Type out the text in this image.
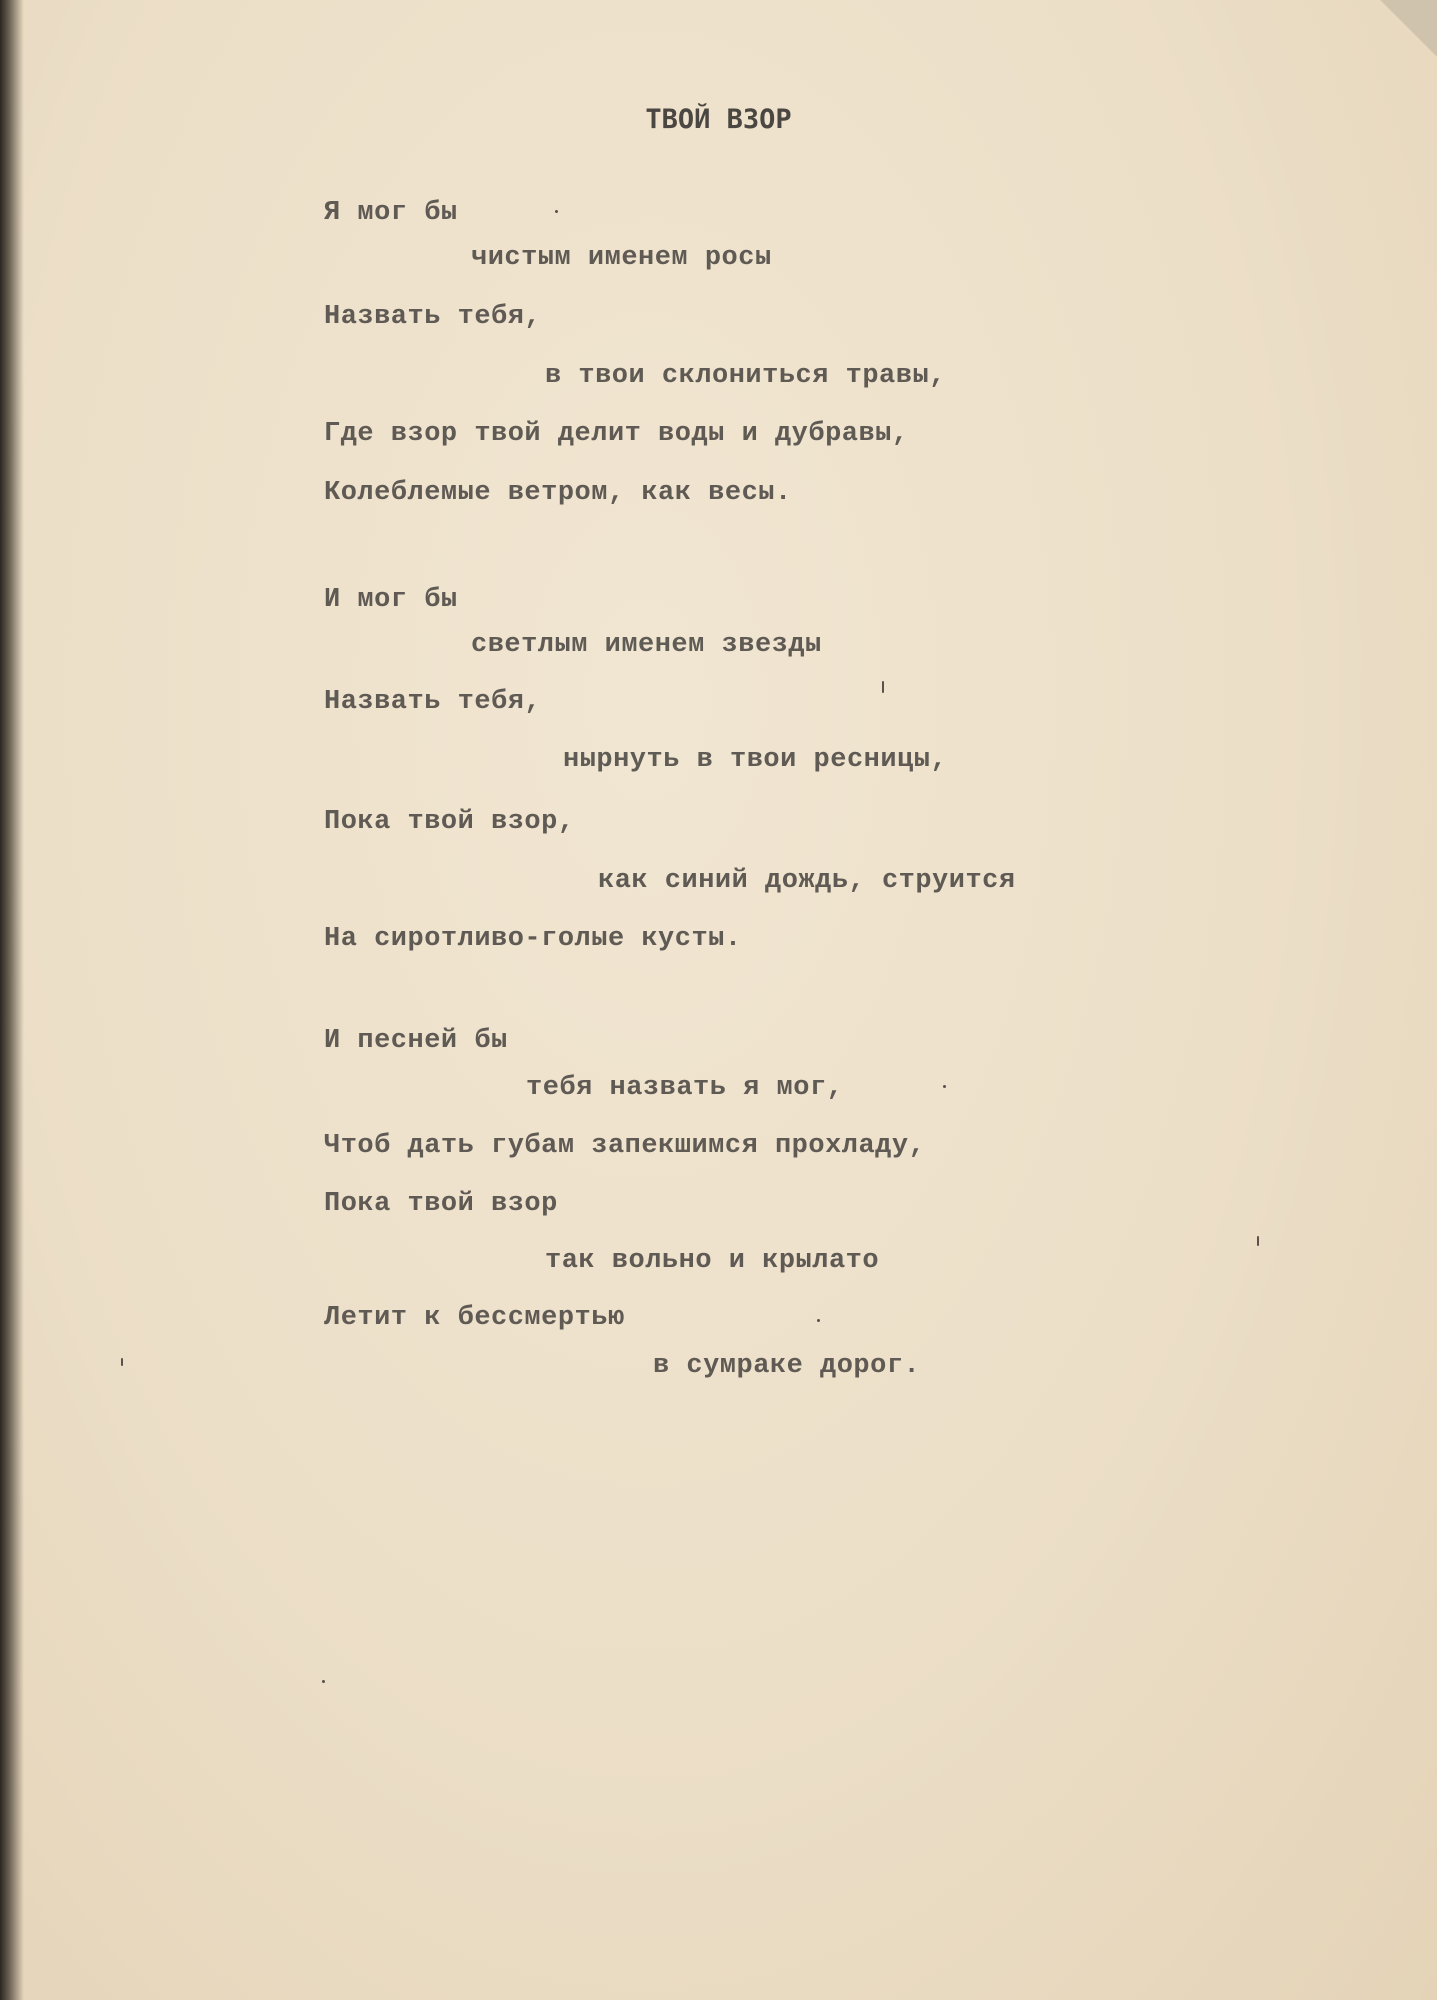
ТВОЙ ВЗОР
Я мог бы
чистым именем росы
Назвать тебя,
в твои склониться травы,
Где взор твой делит воды и дубравы,
Колеблемые ветром, как весы.
И мог бы
светлым именем звезды
Назвать тебя,
нырнуть в твои ресницы,
Пока твой взор,
как синий дождь, струится
На сиротливо-голые кусты.
И песней бы
тебя назвать я мог,
Чтоб дать губам запекшимся прохладу,
Пока твой взор
так вольно и крылато
Летит к бессмертью
в сумраке дорог.
